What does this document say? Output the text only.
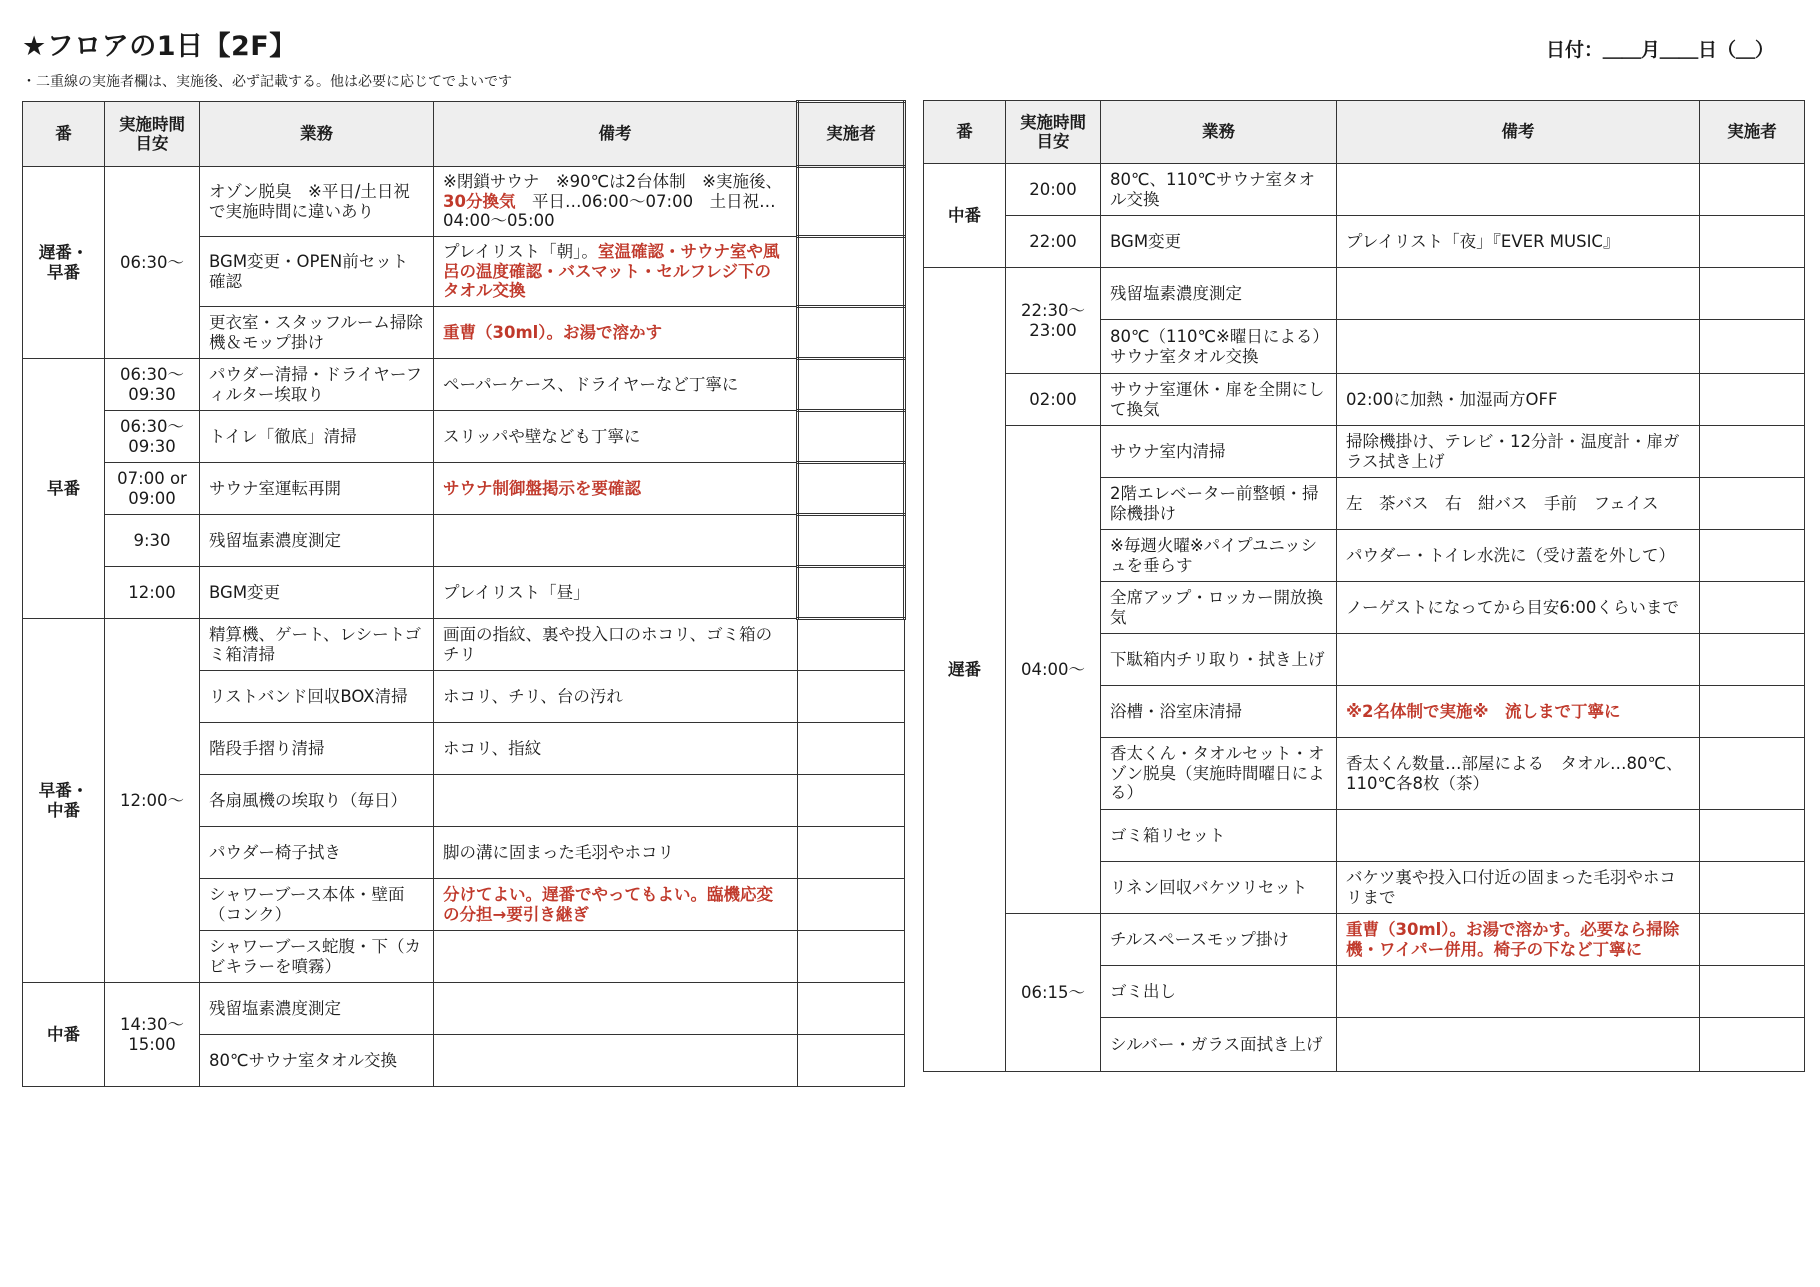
★フロアの1日【2F】	日付：＿＿月＿＿日（＿）
・二重線の実施者欄は、実施後、必ず記載する。他は必要に応じてでよいです
番	実施時間
目安	業務	備考	実施者
遅番・早番	06:30〜	オゾン脱臭　※平日/土日祝で実施時間に違いあり	※閉鎖サウナ　※90℃は2台体制　※実施後、30分換気　平日…06:00〜07:00　土日祝…04:00〜05:00	
		BGM変更・OPEN前セット確認	プレイリスト「朝」。室温確認・サウナ室や風呂の温度確認・バスマット・セルフレジ下のタオル交換	
		更衣室・スタッフルーム掃除機＆モップ掛け	重曹（30ml）。お湯で溶かす	
早番	06:30〜09:30	パウダー清掃・ドライヤーフィルター埃取り	ペーパーケース、ドライヤーなど丁寧に	
	06:30〜09:30	トイレ「徹底」清掃	スリッパや壁なども丁寧に	
	07:00 or 09:00	サウナ室運転再開	サウナ制御盤掲示を要確認	
	9:30	残留塩素濃度測定		
	12:00	BGM変更	プレイリスト「昼」	
早番・中番	12:00〜	精算機、ゲート、レシートゴミ箱清掃	画面の指紋、裏や投入口のホコリ、ゴミ箱のチリ	
		リストバンド回収BOX清掃	ホコリ、チリ、台の汚れ	
		階段手摺り清掃	ホコリ、指紋	
		各扇風機の埃取り（毎日）		
		パウダー椅子拭き	脚の溝に固まった毛羽やホコリ	
		シャワーブース本体・壁面（コンク）	分けてよい。遅番でやってもよい。臨機応変の分担→要引き継ぎ	
		シャワーブース蛇腹・下（カビキラーを噴霧）		
中番	14:30〜15:00	残留塩素濃度測定		
		80℃サウナ室タオル交換		
番	実施時間
目安	業務	備考	実施者
中番	20:00	80℃、110℃サウナ室タオル交換		
	22:00	BGM変更	プレイリスト「夜」『EVER MUSIC』	
遅番	22:30〜23:00	残留塩素濃度測定		
		80℃（110℃※曜日による）サウナ室タオル交換		
	02:00	サウナ室運休・扉を全開にして換気	02:00に加熱・加湿両方OFF	
	04:00〜	サウナ室内清掃	掃除機掛け、テレビ・12分計・温度計・扉ガラス拭き上げ	
		2階エレベーター前整頓・掃除機掛け	左　茶バス　右　紺バス　手前　フェイス	
		※毎週火曜※パイプユニッシュを垂らす	パウダー・トイレ水洗に（受け蓋を外して）	
		全席アップ・ロッカー開放換気	ノーゲストになってから目安6:00くらいまで	
		下駄箱内チリ取り・拭き上げ		
		浴槽・浴室床清掃	※2名体制で実施※　流しまで丁寧に	
		香太くん・タオルセット・オゾン脱臭（実施時間曜日による）	香太くん数量…部屋による　タオル…80℃、110℃各8枚（茶）	
		ゴミ箱リセット		
		リネン回収バケツリセット	バケツ裏や投入口付近の固まった毛羽やホコリまで	
	06:15〜	チルスペースモップ掛け	重曹（30ml）。お湯で溶かす。必要なら掃除機・ワイパー併用。椅子の下など丁寧に	
		ゴミ出し		
		シルバー・ガラス面拭き上げ		
